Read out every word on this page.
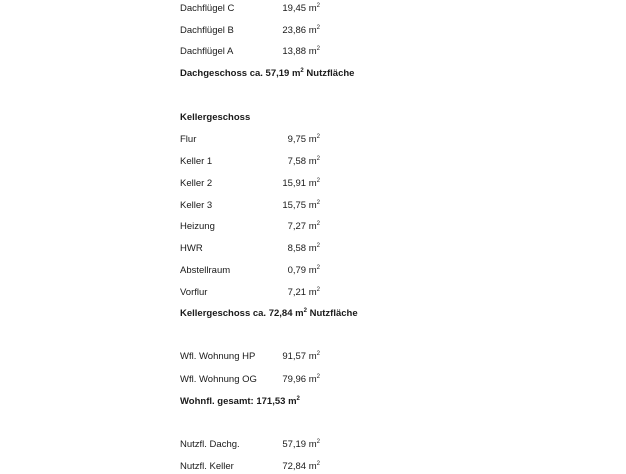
Dachflügel C	19,45 $m^2$
Dachflügel B	23,86 $m^2$
Dachflügel A	13,88 $m^2$
Dachgeschoss ca. 57,19 $m^2$ Nutzfläche
Kellergeschoss
Flur	9,75 $m^2$
Keller 1	7,58 $m^2$
Keller 2	15,91 $m^2$
Keller 3	15,75 $m^2$
Heizung	7,27 $m^2$
HWR	8,58 $m^2$
Abstellraum	0,79 $m^2$
Vorflur	7,21 $m^2$
Kellergeschoss ca. 72,84 $m^2$ Nutzfläche
Wfl. Wohnung HP	91,57 $m^2$
Wfl. Wohnung OG	79,96 $m^2$
Wohnfl. gesamt: 171,53 $m^2$
Nutzfl. Dachg.	57,19 $m^2$
Nutzfl. Keller	72,84 $m^2$
